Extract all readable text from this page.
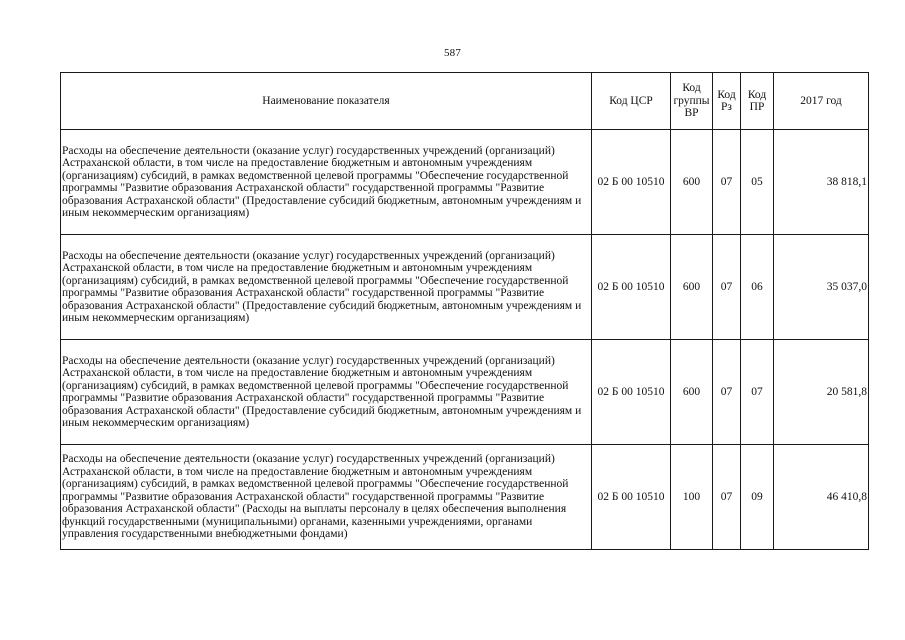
587
Наименование показателя	Код ЦСР	Код группы ВР	Код Рз	Код ПР	2017 год
Расходы на обеспечение деятельности (оказание услуг) государственных учреждений (организаций) Астраханской области, в том числе на предоставление бюджетным и автономным учреждениям (организациям) субсидий, в рамках ведомственной целевой программы "Обеспечение государственной программы "Развитие образования Астраханской области" государственной программы "Развитие образования Астраханской области" (Предоставление субсидий бюджетным, автономным учреждениям и иным некоммерческим организациям)	02 Б 00 10510	600	07	05	38 818,1
Расходы на обеспечение деятельности (оказание услуг) государственных учреждений (организаций) Астраханской области, в том числе на предоставление бюджетным и автономным учреждениям (организациям) субсидий, в рамках ведомственной целевой программы "Обеспечение государственной программы "Развитие образования Астраханской области" государственной программы "Развитие образования Астраханской области" (Предоставление субсидий бюджетным, автономным учреждениям и иным некоммерческим организациям)	02 Б 00 10510	600	07	06	35 037,0
Расходы на обеспечение деятельности (оказание услуг) государственных учреждений (организаций) Астраханской области, в том числе на предоставление бюджетным и автономным учреждениям (организациям) субсидий, в рамках ведомственной целевой программы "Обеспечение государственной программы "Развитие образования Астраханской области" государственной программы "Развитие образования Астраханской области" (Предоставление субсидий бюджетным, автономным учреждениям и иным некоммерческим организациям)	02 Б 00 10510	600	07	07	20 581,8
Расходы на обеспечение деятельности (оказание услуг) государственных учреждений (организаций) Астраханской области, в том числе на предоставление бюджетным и автономным учреждениям (организациям) субсидий, в рамках ведомственной целевой программы "Обеспечение государственной программы "Развитие образования Астраханской области" государственной программы "Развитие образования Астраханской области" (Расходы на выплаты персоналу в целях обеспечения выполнения функций государственными (муниципальными) органами, казенными учреждениями, органами управления государственными внебюджетными фондами)	02 Б 00 10510	100	07	09	46 410,8
